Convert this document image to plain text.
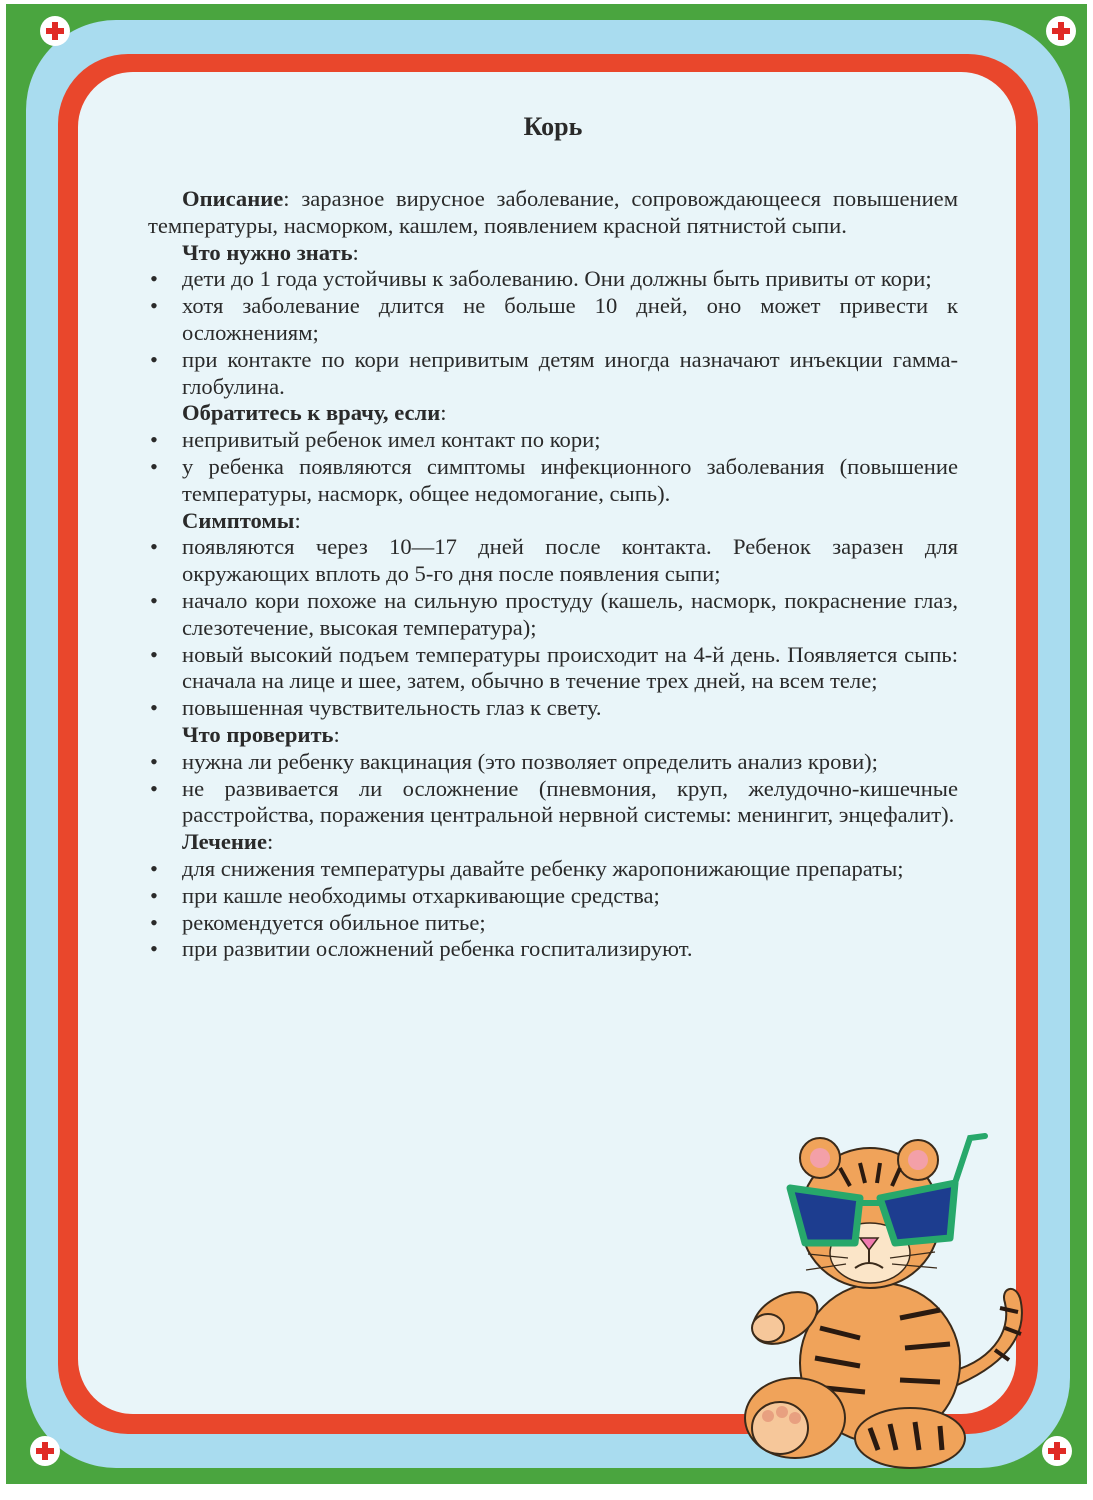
Корь

Описание: заразное вирусное заболевание, сопровождающееся повышением температуры, насморком, кашлем, появлением красной пятнистой сыпи.

Что нужно знать:

• дети до 1 года устойчивы к заболеванию. Они должны быть привиты от кори;
• хотя заболевание длится не больше 10 дней, оно может привести к осложнениям;
• при контакте по кори непривитым детям иногда назначают инъекции гамма-глобулина.

Обратитесь к врачу, если:

• непривитый ребенок имел контакт по кори;
• у ребенка появляются симптомы инфекционного заболевания (повышение температуры, насморк, общее недомогание, сыпь).

Симптомы:

• появляются через 10—17 дней после контакта. Ребенок заразен для окружающих вплоть до 5-го дня после появления сыпи;
• начало кори похоже на сильную простуду (кашель, насморк, покраснение глаз, слезотечение, высокая температура);
• новый высокий подъем температуры происходит на 4-й день. Появляется сыпь: сначала на лице и шее, затем, обычно в течение трех дней, на всем теле;
• повышенная чувствительность глаз к свету.

Что проверить:

• нужна ли ребенку вакцинация (это позволяет определить анализ крови);
• не развивается ли осложнение (пневмония, круп, желудочно-кишечные расстройства, поражения центральной нервной системы: менингит, энцефалит).

Лечение:

• для снижения температуры давайте ребенку жаропонижающие препараты;
• при кашле необходимы отхаркивающие средства;
• рекомендуется обильное питье;
• при развитии осложнений ребенка госпитализируют.
